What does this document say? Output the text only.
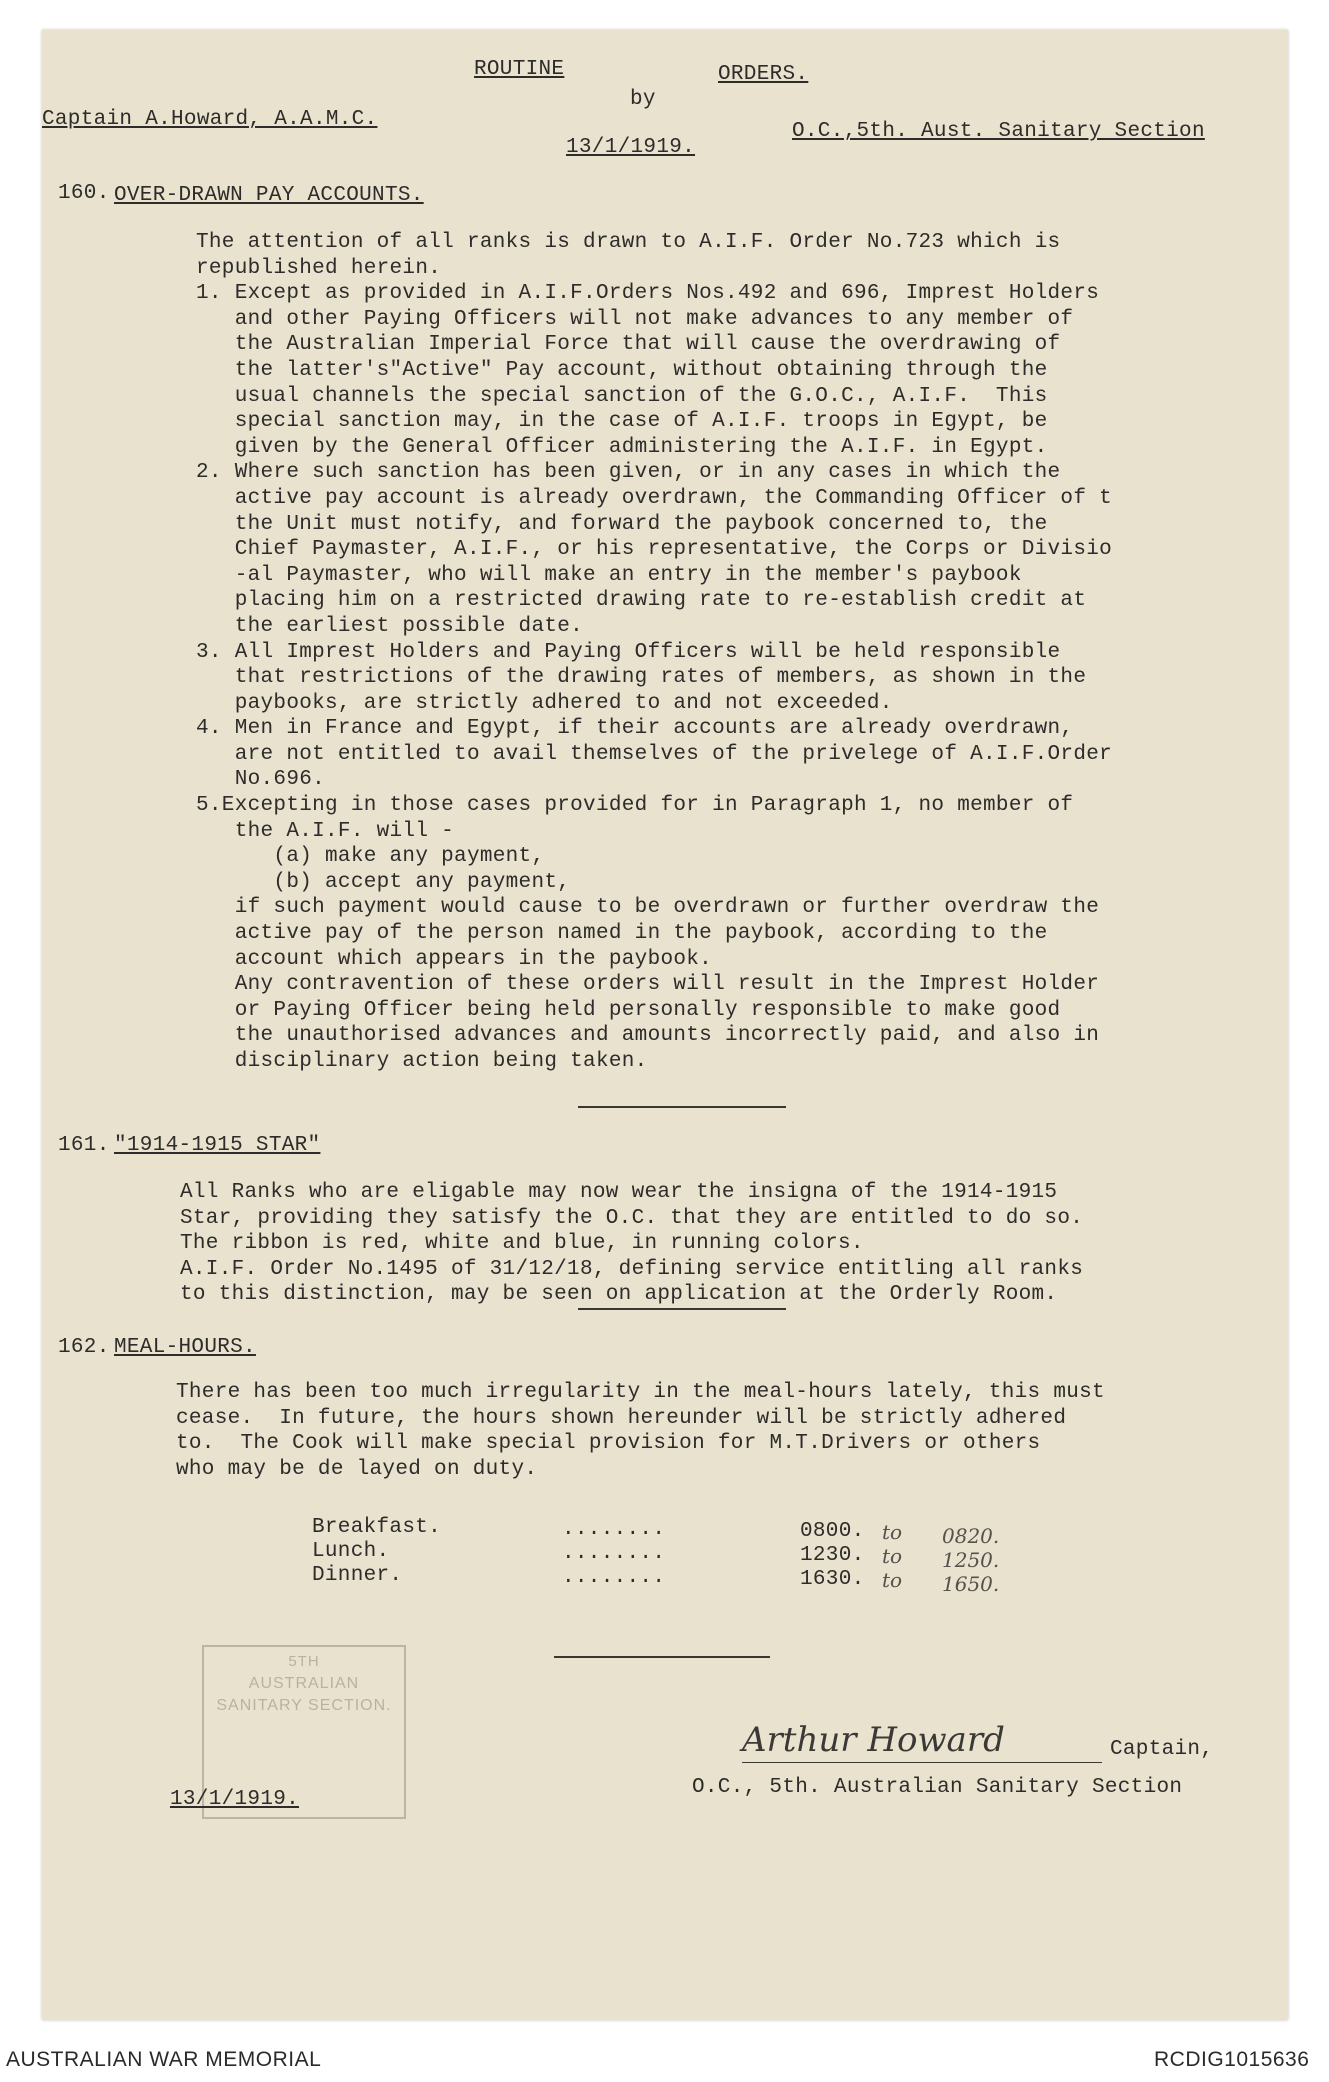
ROUTINE	ORDERS.
by
Captain A.Howard, A.A.M.C.
13/1/1919.
O.C.,5th. Aust. Sanitary Section
160. OVER-DRAWN PAY ACCOUNTS.
The attention of all ranks is drawn to A.I.F. Order No.723 which is
republished herein.
1. Except as provided in A.I.F.Orders Nos.492 and 696, Imprest Holders
and other Paying Officers will not make advances to any member of
the Australian Imperial Force that will cause the overdrawing of
the latter's"Active" Pay account, without obtaining through the
usual channels the special sanction of the G.O.C., A.I.F.  This
special sanction may, in the case of A.I.F. troops in Egypt, be
given by the General Officer administering the A.I.F. in Egypt.
2. Where such sanction has been given, or in any cases in which the
active pay account is already overdrawn, the Commanding Officer of t
the Unit must notify, and forward the paybook concerned to, the
Chief Paymaster, A.I.F., or his representative, the Corps or Divisio
-al Paymaster, who will make an entry in the member's paybook
placing him on a restricted drawing rate to re-establish credit at
the earliest possible date.
3. All Imprest Holders and Paying Officers will be held responsible
that restrictions of the drawing rates of members, as shown in the
paybooks, are strictly adhered to and not exceeded.
4. Men in France and Egypt, if their accounts are already overdrawn,
are not entitled to avail themselves of the privelege of A.I.F.Order
No.696.
5.Excepting in those cases provided for in Paragraph 1, no member of
the A.I.F. will -
(a) make any payment,
(b) accept any payment,
if such payment would cause to be overdrawn or further overdraw the
active pay of the person named in the paybook, according to the
account which appears in the paybook.
Any contravention of these orders will result in the Imprest Holder
or Paying Officer being held personally responsible to make good
the unauthorised advances and amounts incorrectly paid, and also in
disciplinary action being taken.
161. "1914-1915 STAR"
All Ranks who are eligable may now wear the insigna of the 1914-1915
Star, providing they satisfy the O.C. that they are entitled to do so.
The ribbon is red, white and blue, in running colors.
A.I.F. Order No.1495 of 31/12/18, defining service entitling all ranks
to this distinction, may be seen on application at the Orderly Room.
162. MEAL-HOURS.
There has been too much irregularity in the meal-hours lately, this must
cease.  In future, the hours shown hereunder will be strictly adhered
to.  The Cook will make special provision for M.T.Drivers or others
who may be de layed on duty.
Breakfast.	........	0800. to 0820.
Lunch.	........	1230. to 1250.
Dinner.	........	1630. to 1650.
5TH
AUSTRALIAN
SANITARY SECTION.
13/1/1919.
Arthur Howard	Captain,
O.C., 5th. Australian Sanitary Section
AUSTRALIAN WAR MEMORIAL	RCDIG1015636
